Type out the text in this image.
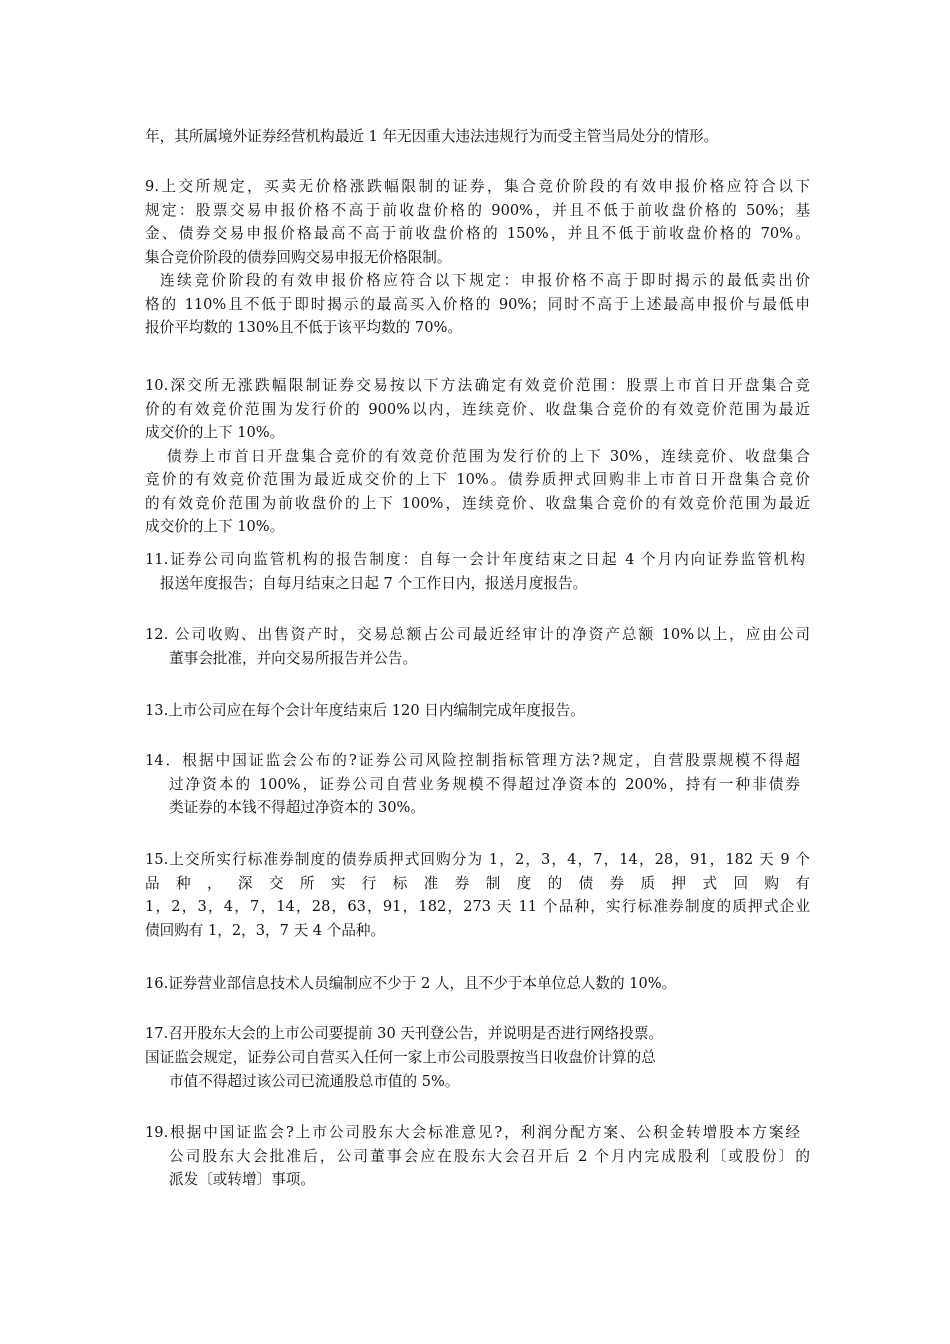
年，其所属境外证券经营机构最近 1 年无因重大违法违规行为而受主管当局处分的情形。

9.上交所规定，买卖无价格涨跌幅限制的证券，集合竞价阶段的有效申报价格应符合以下
规定：股票交易申报价格不高于前收盘价格的 900%，并且不低于前收盘价格的 50%；基
金、债券交易申报价格最高不高于前收盘价格的 150%，并且不低于前收盘价格的 70%。
集合竞价阶段的债券回购交易申报无价格限制。
连续竞价阶段的有效申报价格应符合以下规定：申报价格不高于即时揭示的最低卖出价
格的 110%且不低于即时揭示的最高买入价格的 90%；同时不高于上述最高申报价与最低申
报价平均数的 130%且不低于该平均数的 70%。

10.深交所无涨跌幅限制证券交易按以下方法确定有效竞价范围：股票上市首日开盘集合竞
价的有效竞价范围为发行价的 900%以内，连续竞价、收盘集合竞价的有效竞价范围为最近
成交价的上下 10%。
债券上市首日开盘集合竞价的有效竞价范围为发行价的上下 30%，连续竞价、收盘集合
竞价的有效竞价范围为最近成交价的上下 10%。债券质押式回购非上市首日开盘集合竞价
的有效竞价范围为前收盘价的上下 100%，连续竞价、收盘集合竞价的有效竞价范围为最近
成交价的上下 10%。

11.证券公司向监管机构的报告制度：自每一会计年度结束之日起 4 个月内向证券监管机构
报送年度报告；自每月结束之日起 7 个工作日内，报送月度报告。

12. 公司收购、出售资产时，交易总额占公司最近经审计的净资产总额 10%以上，应由公司
董事会批准，并向交易所报告并公告。

13.上市公司应在每个会计年度结束后 120 日内编制完成年度报告。

14．根据中国证监会公布的?证券公司风险控制指标管理方法?规定，自营股票规模不得超
过净资本的 100%，证券公司自营业务规模不得超过净资本的 200%，持有一种非债券
类证券的本钱不得超过净资本的 30%。

15.上交所实行标准券制度的债券质押式回购分为 1，2，3，4，7，14，28，91，182 天 9 个
品 种 ， 深 交 所 实 行 标 准 券 制 度 的 债 券 质 押 式 回 购 有
1，2，3，4，7，14，28，63，91，182，273 天 11 个品种，实行标准券制度的质押式企业
债回购有 1，2，3，7 天 4 个品种。

16.证券营业部信息技术人员编制应不少于 2 人，且不少于本单位总人数的 10%。

17.召开股东大会的上市公司要提前 30 天刊登公告，并说明是否进行网络投票。

国证监会规定，证券公司自营买入任何一家上市公司股票按当日收盘价计算的总
市值不得超过该公司已流通股总市值的 5%。

19.根据中国证监会?上市公司股东大会标准意见?，利润分配方案、公积金转增股本方案经
公司股东大会批准后，公司董事会应在股东大会召开后 2 个月内完成股利〔或股份〕的
派发〔或转增〕事项。
